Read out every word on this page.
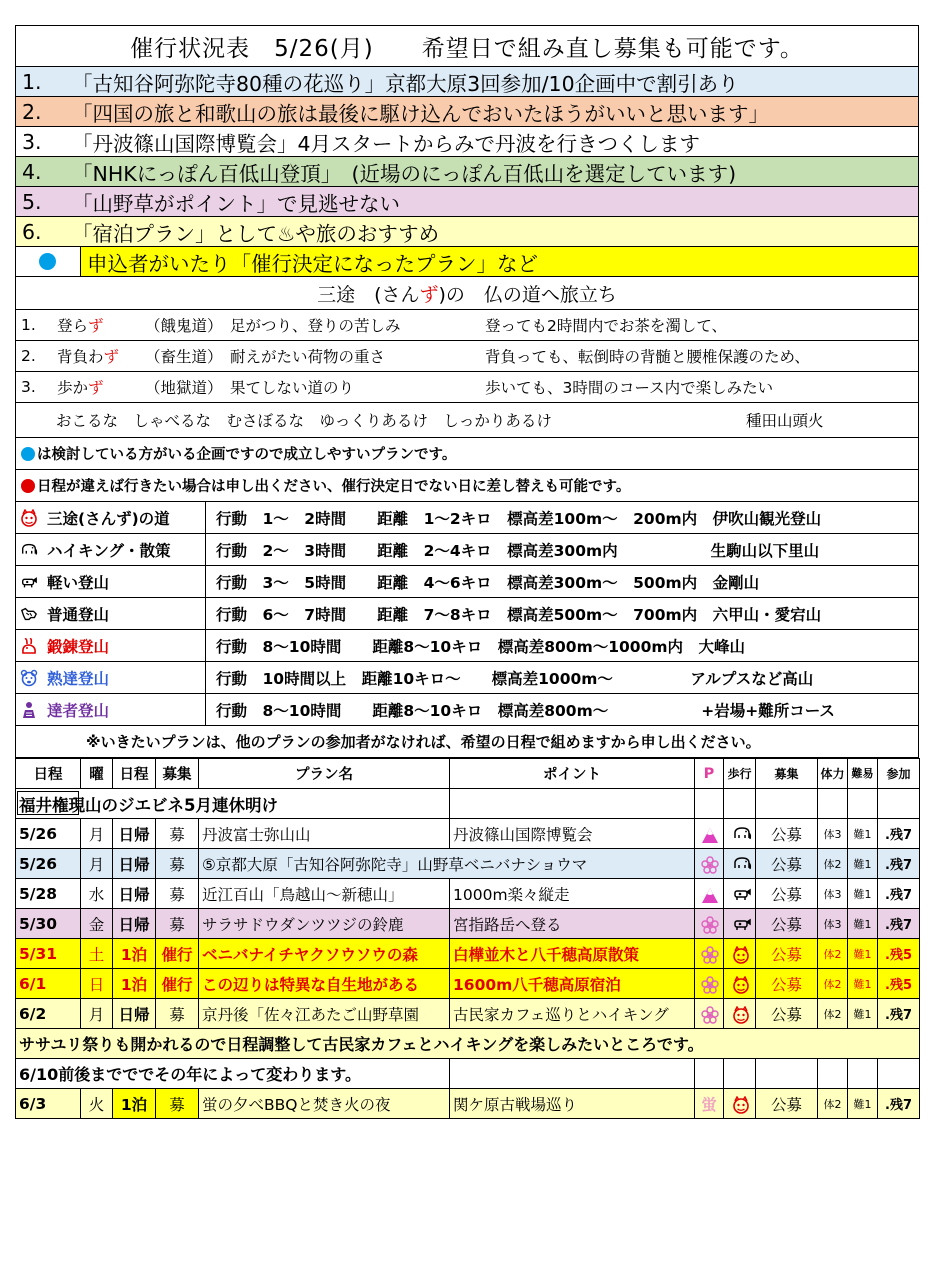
催行状況表　5/26(月)　　希望日で組み直し募集も可能です。
1.	「古知谷阿弥陀寺80種の花巡り」京都大原3回参加/10企画中で割引あり
2.	「四国の旅と和歌山の旅は最後に駆け込んでおいたほうがいいと思います」
3.	「丹波篠山国際博覧会」4月スタートからみで丹波を行きつくします
4.	「NHKにっぽん百低山登頂」　(近場のにっぽん百低山を選定しています)
5.	「山野草がポイント」で見逃せない
6.	「宿泊プラン」として♨や旅のおすすめ
申込者がいたり「催行決定になったプラン」など
三途　(さん ず )の　仏の道へ旅立ち
1.	登らず	（餓鬼道） 足がつり、登りの苦しみ	登っても2時間内でお茶を濁して、
2.	背負わず	（畜生道） 耐えがたい荷物の重さ	背負っても、転倒時の背髄と腰椎保護のため、
3.	歩かず	（地獄道） 果てしない道のり	歩いても、3時間のコース内で楽しみたい
おこるな　しゃべるな　むさぼるな　ゆっくりあるけ　しっかりあるけ	種田山頭火
は検討している方がいる企画ですので成立しやすいプランです。
日程が違えば行きたい場合は申し出ください、催行決定日でない日に差し替えも可能です。
三途(さんず)の道	行動　1〜　2時間　　距離　1〜2キロ　標高差100m〜　200m内　伊吹山観光登山
ハイキング・散策	行動　2〜　3時間　　距離　2〜4キロ　標高差300m内　　　　　　生駒山以下里山
軽い登山	行動　3〜　5時間　　距離　4〜6キロ　標高差300m〜　500m内　金剛山
普通登山	行動　6〜　7時間　　距離　7〜8キロ　標高差500m〜　700m内　六甲山・愛宕山
鍛錬登山	行動　8〜10時間　　距離8〜10キロ　標高差800m〜1000m内　大峰山
熟達登山	行動　10時間以上　距離10キロ〜　　標高差1000m〜　　　　　アルプスなど高山
達者登山	行動　8〜10時間　　距離8〜10キロ　標高差800m〜　　　　　　+岩場+難所コース
※いきたいプランは、他のプランの参加者がなければ、希望の日程で組めますから申し出ください。
日程	曜	日程	募集	プラン名	ポイント	P	歩行	募集	体力	難易	参加
福井権現山のジエビネ5月連休明け				

5/26	月	日帰	募	丹波富士弥山山	丹波篠山国際博覧会			公募	体3	難1	.残7
5/26	月	日帰	募	⑤京都大原「古知谷阿弥陀寺」山野草ベニバナショウマ				公募	体2	難1	.残7
5/28	水	日帰	募	近江百山「鳥越山〜新穂山」	1000m楽々縦走			公募	体3	難1	.残7
5/30	金	日帰	募	サラサドウダンツツジの鈴鹿	宮指路岳へ登る			公募	体3	難1	.残7
5/31	土	1泊	催行	ベニバナイチヤクソウソウの森	白樺並木と八千穂高原散策			公募	体2	難1	.残5
6/1	日	1泊	催行	この辺りは特異な自生地がある	1600m八千穂高原宿泊			公募	体2	難1	.残5
6/2	月	日帰	募	京丹後「佐々江あたご山野草園	古民家カフェ巡りとハイキング			公募	体2	難1	.残7
ササユリ祭りも開かれるので日程調整して古民家カフェとハイキングを楽しみたいところです。											
6/10前後までででその年によって変わります。											
6/3	火	1泊	募	蛍の夕べBBQと焚き火の夜	関ケ原古戦場巡り	蛍		公募	体2	難1	.残7
